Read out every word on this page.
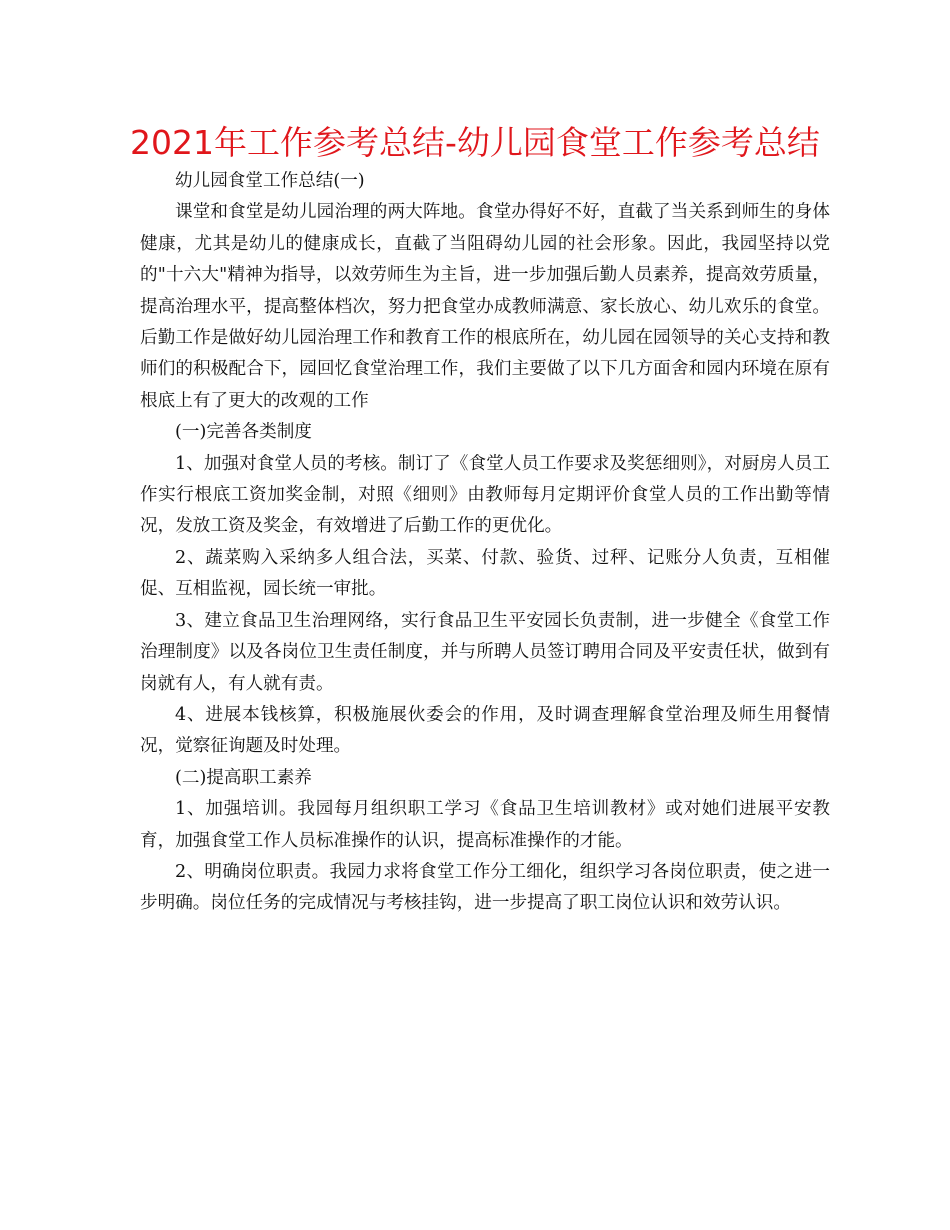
2021年工作参考总结-幼儿园食堂工作参考总结

幼儿园食堂工作总结(一)

课堂和食堂是幼儿园治理的两大阵地。食堂办得好不好，直截了当关系到师生的身体健康，尤其是幼儿的健康成长，直截了当阻碍幼儿园的社会形象。因此，我园坚持以党的"十六大"精神为指导，以效劳师生为主旨，进一步加强后勤人员素养，提高效劳质量，提高治理水平，提高整体档次，努力把食堂办成教师满意、家长放心、幼儿欢乐的食堂。后勤工作是做好幼儿园治理工作和教育工作的根底所在，幼儿园在园领导的关心支持和教师们的积极配合下，园回忆食堂治理工作，我们主要做了以下几方面舍和园内环境在原有根底上有了更大的改观的工作

(一)完善各类制度

1、加强对食堂人员的考核。制订了《食堂人员工作要求及奖惩细则》，对厨房人员工作实行根底工资加奖金制，对照《细则》由教师每月定期评价食堂人员的工作出勤等情况，发放工资及奖金，有效增进了后勤工作的更优化。

2、蔬菜购入采纳多人组合法，买菜、付款、验货、过秤、记账分人负责，互相催促、互相监视，园长统一审批。

3、建立食品卫生治理网络，实行食品卫生平安园长负责制，进一步健全《食堂工作治理制度》以及各岗位卫生责任制度，并与所聘人员签订聘用合同及平安责任状，做到有岗就有人，有人就有责。

4、进展本钱核算，积极施展伙委会的作用，及时调查理解食堂治理及师生用餐情况，觉察征询题及时处理。

(二)提高职工素养

1、加强培训。我园每月组织职工学习《食品卫生培训教材》或对她们进展平安教育，加强食堂工作人员标准操作的认识，提高标准操作的才能。

2、明确岗位职责。我园力求将食堂工作分工细化，组织学习各岗位职责，使之进一步明确。岗位任务的完成情况与考核挂钩，进一步提高了职工岗位认识和效劳认识。
